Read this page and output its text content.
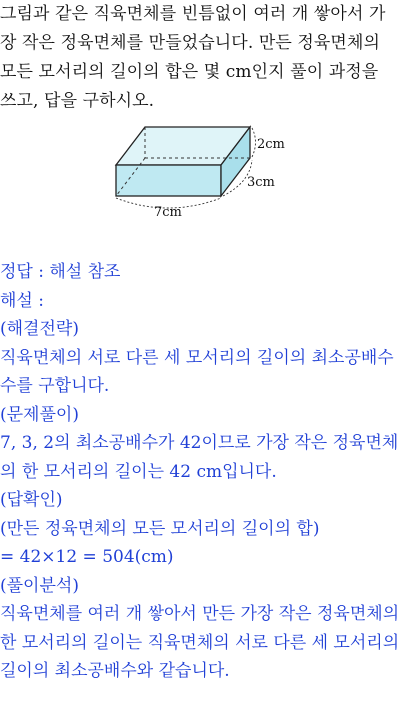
그림과 같은 직육면체를 빈틈없이 여러 개 쌓아서 가
장 작은 정육면체를 만들었습니다. 만든 정육면체의
모든 모서리의 길이의 합은 몇 cm인지 풀이 과정을
쓰고, 답을 구하시오.
2cm
3cm
7cm
정답 : 해설 참조
해설 :
(해결전략)
직육면체의 서로 다른 세 모서리의 길이의 최소공배수
수를 구합니다.
(문제풀이)
7, 3, 2의 최소공배수가 42이므로 가장 작은 정육면체
의 한 모서리의 길이는 42 cm입니다.
(답확인)
(만든 정육면체의 모든 모서리의 길이의 합)
= 42×12 = 504(cm)
(풀이분석)
직육면체를 여러 개 쌓아서 만든 가장 작은 정육면체의
한 모서리의 길이는 직육면체의 서로 다른 세 모서리의
길이의 최소공배수와 같습니다.
